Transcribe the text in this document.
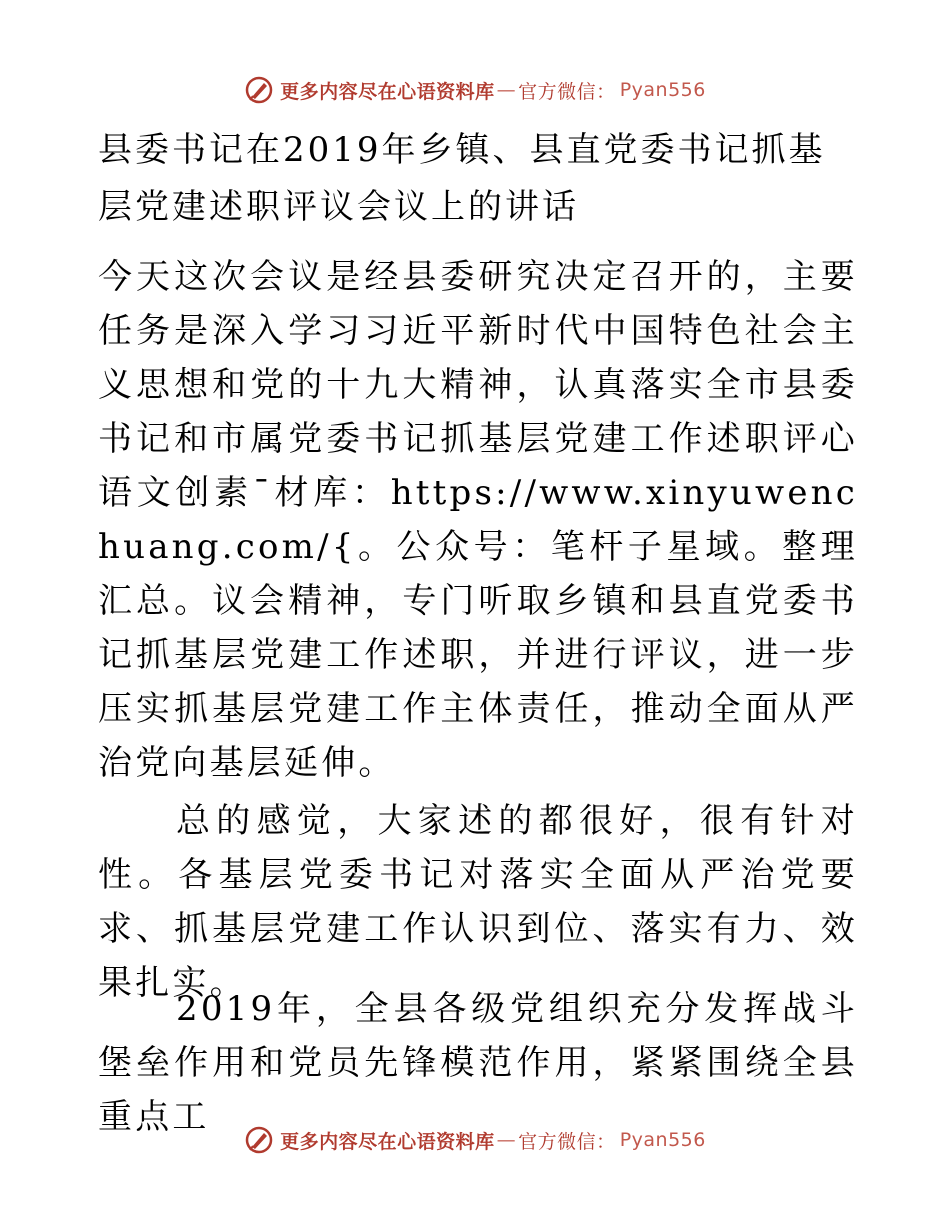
更多内容尽在心语资料库 — 官方微信 ： Pyan556
县委书记在2019年乡镇、县直党委书记抓基层党建述职评议会议上的讲话

今天这次会议是经县委研究决定召开的，主要任务是深入学习习近平新时代中国特色社会主义思想和党的十九大精神，认真落实全市县委书记和市属党委书记抓基层党建工作述职评心语文创素¯材库：https://www.xinyuwenchuang.com/{。公众号：笔杆子星域。整理汇总。议会精神，专门听取乡镇和县直党委书记抓基层党建工作述职，并进行评议，进一步压实抓基层党建工作主体责任，推动全面从严治党向基层延伸。

总的感觉，大家述的都很好，很有针对性。各基层党委书记对落实全面从严治党要求、抓基层党建工作认识到位、落实有力、效果扎实。

2019年，全县各级党组织充分发挥战斗堡垒作用和党员先锋模范作用，紧紧围绕全县重点工

更多内容尽在心语资料库 — 官方微信 ： Pyan556
